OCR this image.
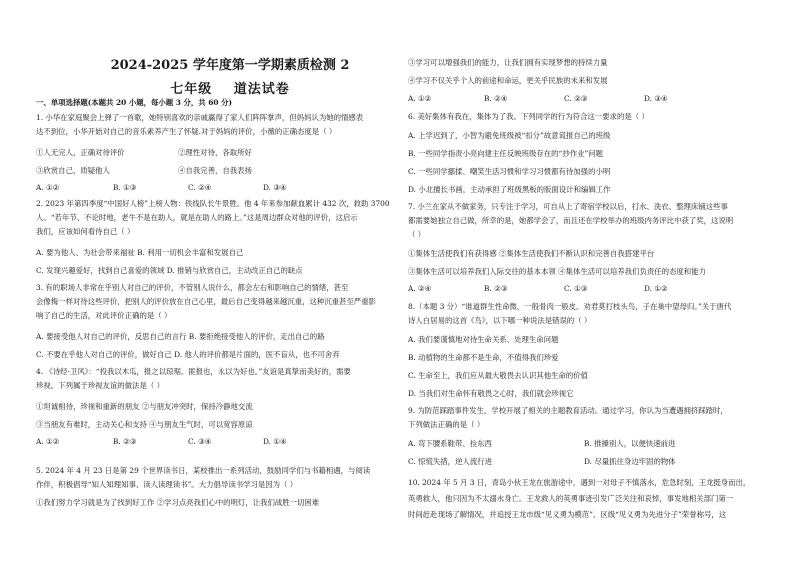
2024-2025 学年度第一学期素质检测 2
七年级 道法试卷
一、单项选择题(本题共 20 小题，每小题 3 分，共 60 分)
1. 小华在家庭聚会上弹了一首歌，她特别喜欢的亲戚赢得了家人们阵阵掌声，但妈妈认为她的情感表
达不到位，小华开始对自己的音乐素养产生了怀疑.对于妈妈的评价，小薇的正确态度是（ ）
①人无完人，正确对待评价	②理性对待，各取所好
③欣赏自己，质疑他人	④自我完善，自我表扬
A. ①②	B. ①③	C. ②④	D. ③④
2. 2023 年第四季度“中国好人榜”上榜人物：铁线队长牛景胜。他 4 年来参加献血累计 432 次，救助 3700
人。“若年节、不论时地，老牛不是在助人，就是在助人的路上。”这是周边群众对他的评价，这启示
我们，应该如何看待自己（ ）
A. 要为他人、为社会带来福祉 B. 利用一切机会丰富和发展自己
C. 发现兴趣爱好，找到自己喜爱的领域 D. 推销与欣赏自己，主动改正自己的缺点
3. 有的职场人非常在乎别人对自己的评价，不管别人说什么，都会左右和影响自己的情绪，甚至
会像梅一样对待这些评价，把别人的评价放在自己心里，最后自己变得越来越沉重，这种沉重甚至严重影
响了自己的生活，对此评价正确的是（ ）
A. 要接受他人对自己的评价，反思自己的言行 B. 要拒绝接受他人的评价，走出自己的路
C. 不要在乎他人对自己的评价，做好自己 D. 他人的评价都是片面的，医不盲从，也不可舍弃
4. 《诗经·卫风》：“投我以木瓜，报之以琼琚。匪报也，永以为好也。”友谊是真挚而美好的，需要
珍视。下列属于珍视友谊的做法是（ ）
①坦诚相待，珍视和重新的朋友 ②与朋友冲突时，保持冷静地交流
③当朋友有难时，主动关心和支持 ④与朋友生气时，可以宽容原谅
A. ①②	B. ②③	C. ③④	D. ①④
5. 2024 年 4 月 23 日是第 29 个世界读书日，某校推出一系列活动，鼓励同学们与书籍相遇，与阅读
作伴，积极倡导“知人知理知事、读人读理读书”。大力倡导读书学习是因为（ ）
①我们努力学习就是为了找到好工作 ②学习点亮我们心中的明灯，让我们战胜一切困难
③学习可以增强我们的能力，让我们拥有实现梦想的持续力量
④学习不仅关乎个人的前途和命运，更关乎民族的未来和发展
A. ①②	B. ②④	C. ②③	D. ③④
6. 美好集体有我在，集体为了我。下列同学的行为符合这一要求的是（ ）
A. 上学迟到了，小智为避免班级被“扣分”故意谎报自己的班级
B. 一些同学指责小亮向建主任反映班级存在的“抄作业”问题
C. 一些同学挪揉、嘲笑生活习惯和学习习惯都有待加强的小明
D. 小北擅长书画，主动承担了班级黑板的版面设计和编辑工作
7. 小兰在家从不做家务，只专注于学习，可自从上了寄宿学校以后，打水、洗衣、整理床铺这些事
都需要她独立自己做，所幸的是，她都学会了，而且还在学校举办的班级内务评比中获了奖，这说明
（ ）
①集体生活使我们有获得感 ②集体生活使我们不断认识和完善自我搭建平台
③集体生活可以培养我们人际交往的基本本领 ④集体生活可以培养我们负责任的态度和能力
A. ②④	B. ②③	C. ①③	D. ①②
8.（本题 3 分）“谁道群生性命微，一般骨肉一般皮。劝君莫打枝头鸟，子在巢中望母归。”关于唐代
诗人白居易的这首《鸟》，以下哪一种说法是错误的（ ）
A. 我们要谨慎地对待生命关系、处理生命问题
B. 动植物的生命都不是生命，不值得我们珍爱
C. 生命至上，我们应从最大敬畏去认识其他生命的价值
D. 当我们对生命怀有敬畏之心时，我们就会珍视它
9. 为防范踩踏事件发生，学校开展了相关的主题教育活动。通过学习，你认为当遭遇拥挤踩踏时，
下列做法正确的是（ ）
A. 弯下腰系鞋带、捡东西	B. 推搡别人，以便快速前进
C. 惊慌失措，逆人流行进	D. 尽量抓住身边牢固的物体
10. 2024 年 5 月 3 日，青岛小伙王龙在旅游途中，遇到一对母子不慎落水，危急时刻，王龙挺身而出，
英勇救人，他只因为不太溺水身亡。王龙救人的英勇事迹引发广泛关注和哀悼，事发地相关部门第一
时间赶赴现场了解情况，并追授王龙市级“见义勇为模范”、区级“见义勇为先进分子”荣誉称号，这
